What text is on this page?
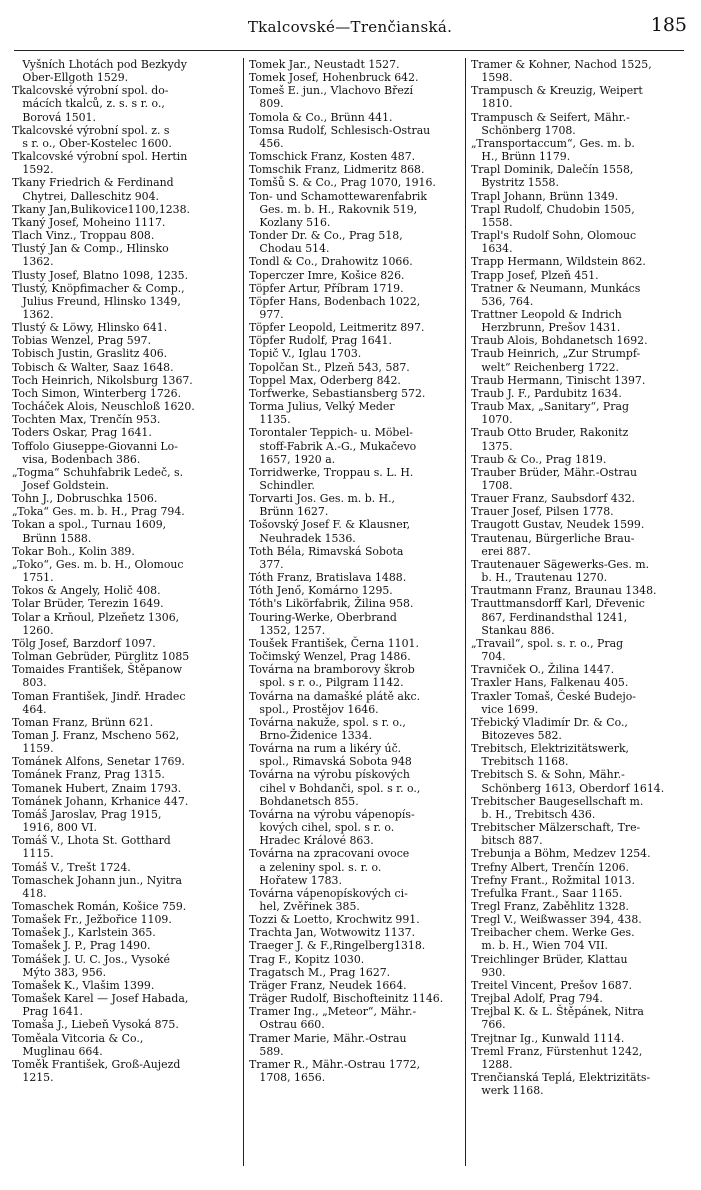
Tkalcovské—Trenčianská.	185
Vyšních Lhotách pod Bezkydy
Ober-Ellgoth 1529.
Tkalcovské výrobní spol. do-
mácích tkalců, z. s. s r. o.,
Borová 1501.
Tkalcovské výrobní spol. z. s
s r. o., Ober-Kostelec 1600.
Tkalcovské výrobní spol. Hertin
1592.
Tkany Friedrich & Ferdinand
Chytrei, Dalleschitz 904.
Tkany Jan,Bulikovice1100,1238.
Tkaný Josef, Moheino 1117.
Tlach Vinz., Troppau 808.
Tlustý Jan & Comp., Hlinsko
1362.
Tlusty Josef, Blatno 1098, 1235.
Tlustý, Knöpfimacher & Comp.,
Julius Freund, Hlinsko 1349,
1362.
Tlustý & Löwy, Hlinsko 641.
Tobias Wenzel, Prag 597.
Tobisch Justin, Graslitz 406.
Tobisch & Walter, Saaz 1648.
Toch Heinrich, Nikolsburg 1367.
Toch Simon, Winterberg 1726.
Tocháček Alois, Neuschloß 1620.
Tochten Max, Trenčín 953.
Toders Oskar, Prag 1641.
Toffolo Giuseppe-Giovanni Lo-
visa, Bodenbach 386.
„Togma“ Schuhfabrik Ledeč, s.
Josef Goldstein.
Tohn J., Dobruschka 1506.
„Toka“ Ges. m. b. H., Prag 794.
Tokan a spol., Turnau 1609,
Brünn 1588.
Tokar Boh., Kolin 389.
„Toko“, Ges. m. b. H., Olomouc
1751.
Tokos & Angely, Holič 408.
Tolar Brüder, Terezin 1649.
Tolar a Krňoul, Plzeňetz 1306,
1260.
Tölg Josef, Barzdorf 1097.
Tolman Gebrüder, Pürglitz 1085
Tomaides František, Štěpanow
803.
Toman František, Jindř. Hradec
464.
Toman Franz, Brünn 621.
Toman J. Franz, Mscheno 562,
1159.
Tománek Alfons, Senetar 1769.
Tománek Franz, Prag 1315.
Tomanek Hubert, Znaim 1793.
Tománek Johann, Krhanice 447.
Tomáš Jaroslav, Prag 1915,
1916, 800 VI.
Tomáš V., Lhota St. Gotthard
1115.
Tomáš V., Trešt 1724.
Tomaschek Johann jun., Nyitra
418.
Tomaschek Román, Košice 759.
Tomašek Fr., Ježbořice 1109.
Tomašek J., Karlstein 365.
Tomašek J. P., Prag 1490.
Tomášek J. U. C. Jos., Vysoké
Mýto 383, 956.
Tomašek K., Vlašim 1399.
Tomašek Karel — Josef Habada,
Prag 1641.
Tomaša J., Liebeň Vysoká 875.
Toměala Vitcoria & Co.,
Muglinau 664.
Toměk František, Groß-Aujezd
1215.
Tomek Jar., Neustadt 1527.
Tomek Josef, Hohenbruck 642.
Tomeš E. jun., Vlachovo Březí
809.
Tomola & Co., Brünn 441.
Tomsa Rudolf, Schlesisch-Ostrau
456.
Tomschick Franz, Kosten 487.
Tomschik Franz, Lidmeritz 868.
Tomšů S. & Co., Prag 1070, 1916.
Ton- und Schamottewarenfabrik
Ges. m. b. H., Rakovnik 519,
Kozlany 516.
Tonder Dr. & Co., Prag 518,
Chodau 514.
Tondl & Co., Drahowitz 1066.
Toperczer Imre, Košice 826.
Töpfer Artur, Příbram 1719.
Töpfer Hans, Bodenbach 1022,
977.
Töpfer Leopold, Leitmeritz 897.
Töpfer Rudolf, Prag 1641.
Topič V., Iglau 1703.
Topolčan St., Plzeň 543, 587.
Toppel Max, Oderberg 842.
Torfwerke, Sebastiansberg 572.
Torma Julius, Velký Meder
1135.
Torontaler Teppich- u. Möbel-
stoff-Fabrik A.-G., Mukačevo
1657, 1920 a.
Torridwerke, Troppau s. L. H.
Schindler.
Torvarti Jos. Ges. m. b. H.,
Brünn 1627.
Tošovský Josef F. & Klausner,
Neuhradek 1536.
Toth Béla, Rimavská Sobota
377.
Tóth Franz, Bratislava 1488.
Tóth Jenő, Komárno 1295.
Tóth's Likörfabrik, Žilina 958.
Touring-Werke, Oberbrand
1352, 1257.
Toušek František, Černa 1101.
Točimský Wenzel, Prag 1486.
Továrna na bramborovy škrob
spol. s r. o., Pilgram 1142.
Továrna na damašké plátě akc.
spol., Prostějov 1646.
Továrna nakuže, spol. s r. o.,
Brno-Židenice 1334.
Továrna na rum a likéry úč.
spol., Rimavská Sobota 948
Továrna na výrobu pískových
cihel v Bohdanči, spol. s r. o.,
Bohdanetsch 855.
Továrna na výrobu vápenopís-
kových cihel, spol. s r. o.
Hradec Králové 863.
Továrna na zpracovani ovoce
a zeleniny spol. s. r. o.
Hořatew 1783.
Továrna vápenopískových ci-
hel, Zvěřinek 385.
Tozzi & Loetto, Krochwitz 991.
Trachta Jan, Wotwowitz 1137.
Traeger J. & F.,Ringelberg1318.
Trag F., Kopitz 1030.
Tragatsch M., Prag 1627.
Träger Franz, Neudek 1664.
Träger Rudolf, Bischofteinitz 1146.
Tramer Ing., „Meteor“, Mähr.-
Ostrau 660.
Tramer Marie, Mähr.-Ostrau
589.
Tramer R., Mähr.-Ostrau 1772,
1708, 1656.
Tramer & Kohner, Nachod 1525,
1598.
Trampusch & Kreuzig, Weipert
1810.
Trampusch & Seifert, Mähr.-
Schönberg 1708.
„Transportaccum“, Ges. m. b.
H., Brünn 1179.
Trapl Dominik, Dalečín 1558,
Bystritz 1558.
Trapl Johann, Brünn 1349.
Trapl Rudolf, Chudobin 1505,
1558.
Trapl's Rudolf Sohn, Olomouc
1634.
Trapp Hermann, Wildstein 862.
Trapp Josef, Plzeň 451.
Tratner & Neumann, Munkács
536, 764.
Trattner Leopold & Indrich
Herzbrunn, Prešov 1431.
Traub Alois, Bohdanetsch 1692.
Traub Heinrich, „Zur Strumpf-
welt“ Reichenberg 1722.
Traub Hermann, Tinischt 1397.
Traub J. F., Pardubitz 1634.
Traub Max, „Sanitary“, Prag
1070.
Traub Otto Bruder, Rakonitz
1375.
Traub & Co., Prag 1819.
Trauber Brüder, Mähr.-Ostrau
1708.
Trauer Franz, Saubsdorf 432.
Trauer Josef, Pilsen 1778.
Traugott Gustav, Neudek 1599.
Trautenau, Bürgerliche Brau-
erei 887.
Trautenauer Sägewerks-Ges. m.
b. H., Trautenau 1270.
Trautmann Franz, Braunau 1348.
Trauttmansdorff Karl, Dřevenic
867, Ferdinandsthal 1241,
Stankau 886.
„Travail“, spol. s. r. o., Prag
704.
Travniček O., Žilina 1447.
Traxler Hans, Falkenau 405.
Traxler Tomaš, České Budejo-
vice 1699.
Třebický Vladimír Dr. & Co.,
Bitozeves 582.
Trebitsch, Elektrizitätswerk,
Trebitsch 1168.
Trebitsch S. & Sohn, Mähr.-
Schönberg 1613, Oberdorf 1614.
Trebitscher Baugesellschaft m.
b. H., Trebitsch 436.
Trebitscher Mälzerschaft, Tre-
bitsch 887.
Trebunja a Böhm, Medzev 1254.
Trefny Albert, Trenčín 1206.
Trefny Frant., Rožmital 1013.
Trefulka Frant., Saar 1165.
Tregl Franz, Zaběhlitz 1328.
Tregl V., Weißwasser 394, 438.
Treibacher chem. Werke Ges.
m. b. H., Wien 704 VII.
Treichlinger Brüder, Klattau
930.
Treitel Vincent, Prešov 1687.
Trejbal Adolf, Prag 794.
Trejbal K. & L. Štěpánek, Nitra
766.
Trejtnar Ig., Kunwald 1114.
Treml Franz, Fürstenhut 1242,
1288.
Trenčianská Teplá, Elektrizitäts-
werk 1168.
